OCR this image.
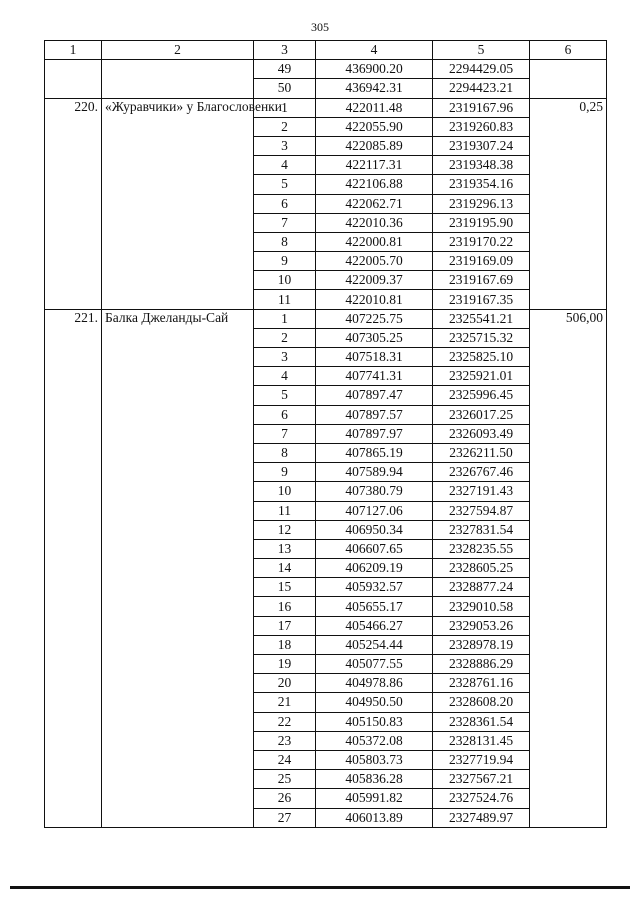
305
1	2	3	4	5	6
		49	436900.20	2294429.05	
		50	436942.31	2294423.21	
220.	«Журавчики» у Благословенки	1	422011.48	2319167.96	0,25
		2	422055.90	2319260.83	
		3	422085.89	2319307.24	
		4	422117.31	2319348.38	
		5	422106.88	2319354.16	
		6	422062.71	2319296.13	
		7	422010.36	2319195.90	
		8	422000.81	2319170.22	
		9	422005.70	2319169.09	
		10	422009.37	2319167.69	
		11	422010.81	2319167.35	
221.	Балка Джеланды-Сай	1	407225.75	2325541.21	506,00
		2	407305.25	2325715.32	
		3	407518.31	2325825.10	
		4	407741.31	2325921.01	
		5	407897.47	2325996.45	
		6	407897.57	2326017.25	
		7	407897.97	2326093.49	
		8	407865.19	2326211.50	
		9	407589.94	2326767.46	
		10	407380.79	2327191.43	
		11	407127.06	2327594.87	
		12	406950.34	2327831.54	
		13	406607.65	2328235.55	
		14	406209.19	2328605.25	
		15	405932.57	2328877.24	
		16	405655.17	2329010.58	
		17	405466.27	2329053.26	
		18	405254.44	2328978.19	
		19	405077.55	2328886.29	
		20	404978.86	2328761.16	
		21	404950.50	2328608.20	
		22	405150.83	2328361.54	
		23	405372.08	2328131.45	
		24	405803.73	2327719.94	
		25	405836.28	2327567.21	
		26	405991.82	2327524.76	
		27	406013.89	2327489.97	
